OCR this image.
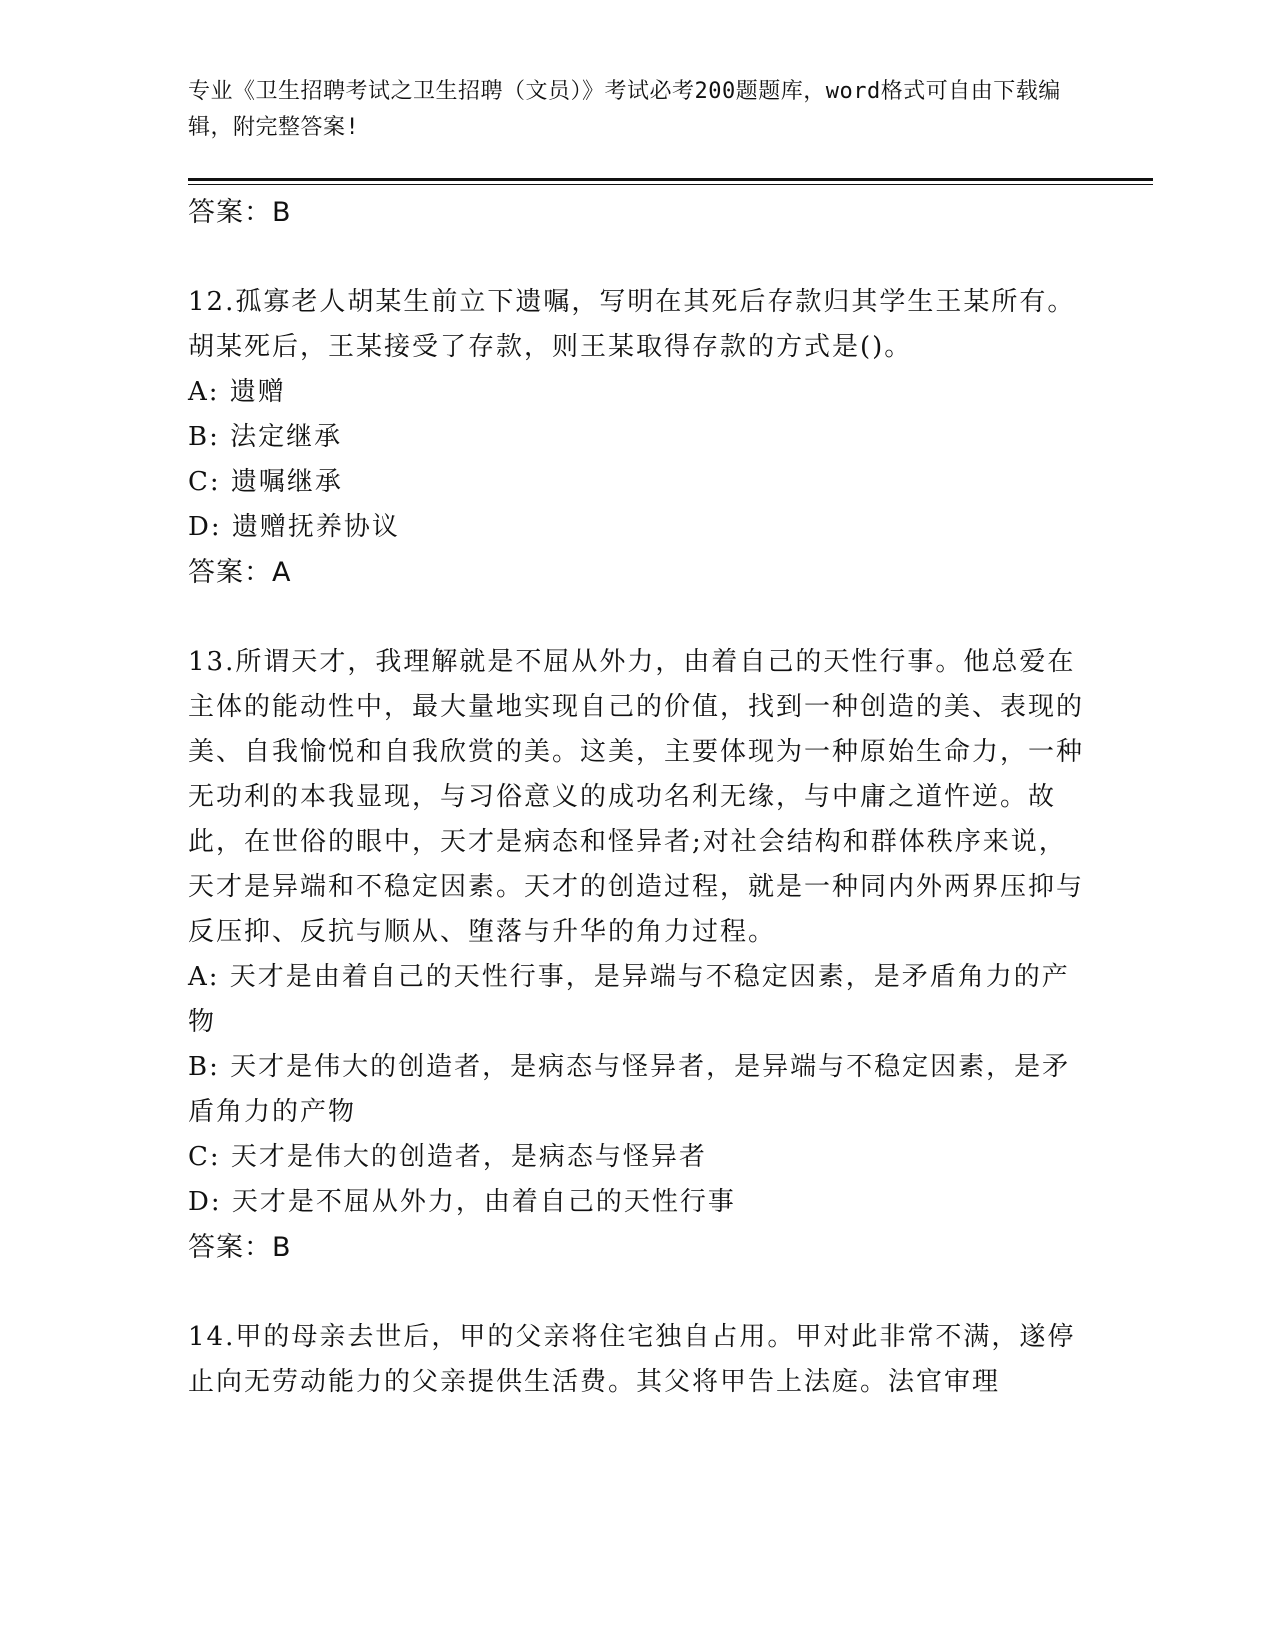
专业《卫生招聘考试之卫生招聘（文员）》考试必考200题题库，word格式可自由下载编辑，附完整答案!
答案：B
12.孤寡老人胡某生前立下遗嘱，写明在其死后存款归其学生王某所有。胡某死后，王某接受了存款，则王某取得存款的方式是()。
A: 遗赠
B: 法定继承
C: 遗嘱继承
D: 遗赠抚养协议
答案：A
13.所谓天才，我理解就是不屈从外力，由着自己的天性行事。他总爱在主体的能动性中，最大量地实现自己的价值，找到一种创造的美、表现的美、自我愉悦和自我欣赏的美。这美，主要体现为一种原始生命力，一种无功利的本我显现，与习俗意义的成功名利无缘，与中庸之道忤逆。故此，在世俗的眼中，天才是病态和怪异者;对社会结构和群体秩序来说，天才是异端和不稳定因素。天才的创造过程，就是一种同内外两界压抑与反压抑、反抗与顺从、堕落与升华的角力过程。
A: 天才是由着自己的天性行事，是异端与不稳定因素，是矛盾角力的产物
B: 天才是伟大的创造者，是病态与怪异者，是异端与不稳定因素，是矛盾角力的产物
C: 天才是伟大的创造者，是病态与怪异者
D: 天才是不屈从外力，由着自己的天性行事
答案：B
14.甲的母亲去世后，甲的父亲将住宅独自占用。甲对此非常不满，遂停止向无劳动能力的父亲提供生活费。其父将甲告上法庭。法官审理
